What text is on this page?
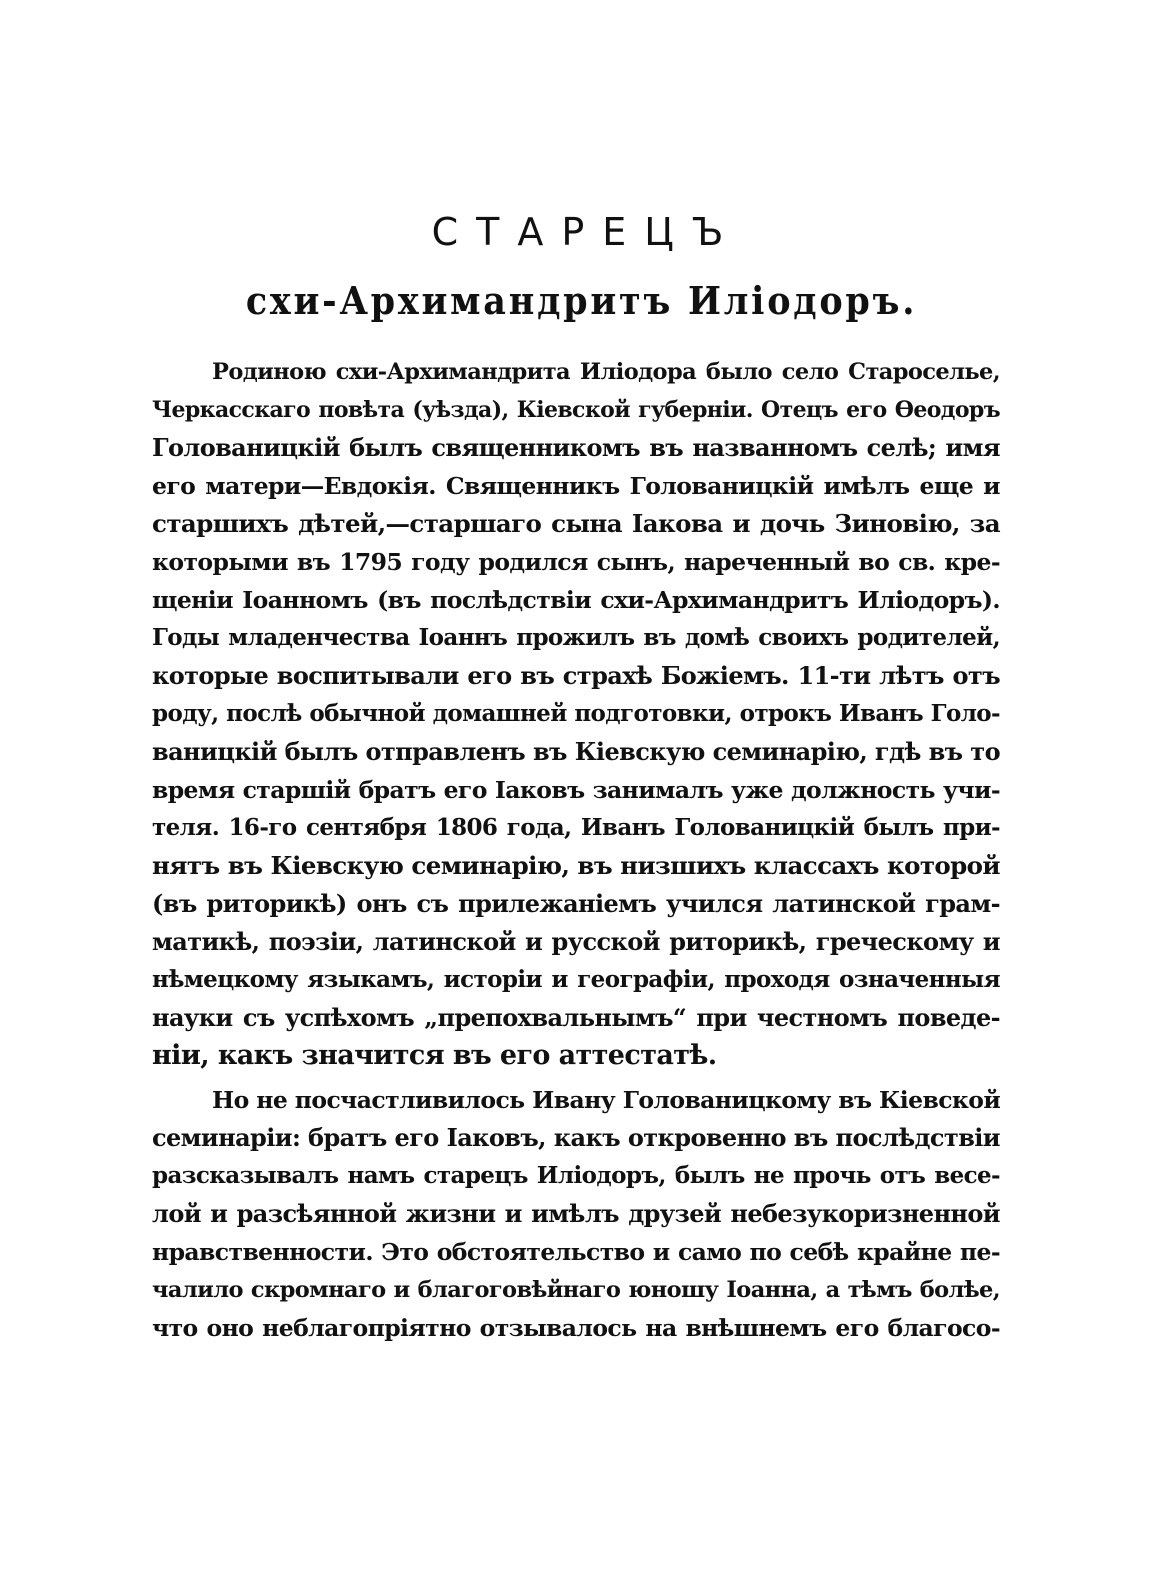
СТАРЕЦЪ
схи-Архимандритъ Иліодоръ.
Родиною схи-Архимандрита Иліодора было село Староселье,
Черкасскаго повѣта (уѣзда), Кіевской губерніи. Отецъ его Ѳеодоръ
Голованицкій былъ священникомъ въ названномъ селѣ; имя
его матери—Евдокія. Священникъ Голованицкій имѣлъ еще и
старшихъ дѣтей,—старшаго сына Іакова и дочь Зиновію, за
которыми въ 1795 году родился сынъ, нареченный во св. кре-
щеніи Іоанномъ (въ послѣдствіи схи-Архимандритъ Иліодоръ).
Годы младенчества Іоаннъ прожилъ въ домѣ своихъ родителей,
которые воспитывали его въ страхѣ Божіемъ. 11-ти лѣтъ отъ
роду, послѣ обычной домашней подготовки, отрокъ Иванъ Голо-
ваницкій былъ отправленъ въ Кіевскую семинарію, гдѣ въ то
время старшій братъ его Іаковъ занималъ уже должность учи-
теля. 16-го сентября 1806 года, Иванъ Голованицкій былъ при-
нятъ въ Кіевскую семинарію, въ низшихъ классахъ которой
(въ риторикѣ) онъ съ прилежаніемъ учился латинской грам-
матикѣ, поэзіи, латинской и русской риторикѣ, греческому и
нѣмецкому языкамъ, исторіи и географіи, проходя означенныя
науки съ успѣхомъ „препохвальнымъ“ при честномъ поведе-
ніи, какъ значится въ его аттестатѣ.
Но не посчастливилось Ивану Голованицкому въ Кіевской
семинаріи: братъ его Іаковъ, какъ откровенно въ послѣдствіи
разсказывалъ намъ старецъ Иліодоръ, былъ не прочь отъ весе-
лой и разсѣянной жизни и имѣлъ друзей небезукоризненной
нравственности. Это обстоятельство и само по себѣ крайне пе-
чалило скромнаго и благоговѣйнаго юношу Іоанна, а тѣмъ болѣе,
что оно неблагопріятно отзывалось на внѣшнемъ его благосо-
